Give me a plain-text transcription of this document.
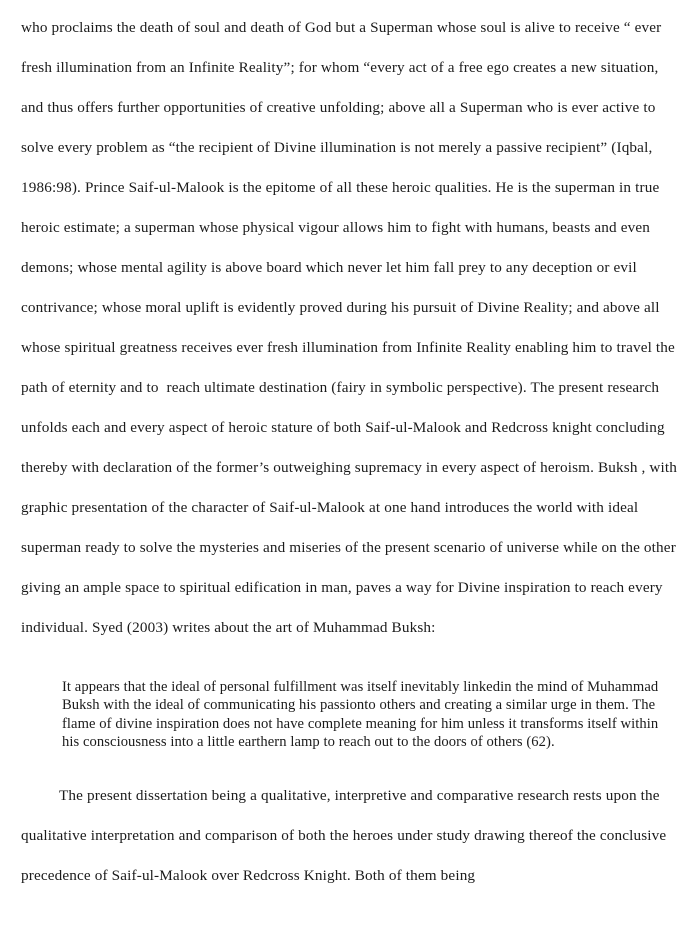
who proclaims the death of soul and death of God but a Superman whose soul is alive to receive “ ever fresh illumination from an Infinite Reality”; for whom “every act of a free ego creates a new situation, and thus offers further opportunities of creative unfolding; above all a Superman who is ever active to solve every problem as “the recipient of Divine illumination is not merely a passive recipient” (Iqbal, 1986:98). Prince Saif-ul-Malook is the epitome of all these heroic qualities. He is the superman in true heroic estimate; a superman whose physical vigour allows him to fight with humans, beasts and even demons; whose mental agility is above board which never let him fall prey to any deception or evil contrivance; whose moral uplift is evidently proved during his pursuit of Divine Reality; and above all whose spiritual greatness receives ever fresh illumination from Infinite Reality enabling him to travel the path of eternity and to  reach ultimate destination (fairy in symbolic perspective). The present research unfolds each and every aspect of heroic stature of both Saif-ul-Malook and Redcross knight concluding thereby with declaration of the former’s outweighing supremacy in every aspect of heroism. Buksh , with graphic presentation of the character of Saif-ul-Malook at one hand introduces the world with ideal superman ready to solve the mysteries and miseries of the present scenario of universe while on the other giving an ample space to spiritual edification in man, paves a way for Divine inspiration to reach every individual. Syed (2003) writes about the art of Muhammad Buksh:

It appears that the ideal of personal fulfillment was itself inevitably linkedin the mind of Muhammad Buksh with the ideal of communicating his passionto others and creating a similar urge in them. The flame of divine inspiration does not have complete meaning for him unless it transforms itself within his consciousness into a little earthern lamp to reach out to the doors of others (62).

The present dissertation being a qualitative, interpretive and comparative research rests upon the qualitative interpretation and comparison of both the heroes under study drawing thereof the conclusive precedence of Saif-ul-Malook over Redcross Knight. Both of them being
